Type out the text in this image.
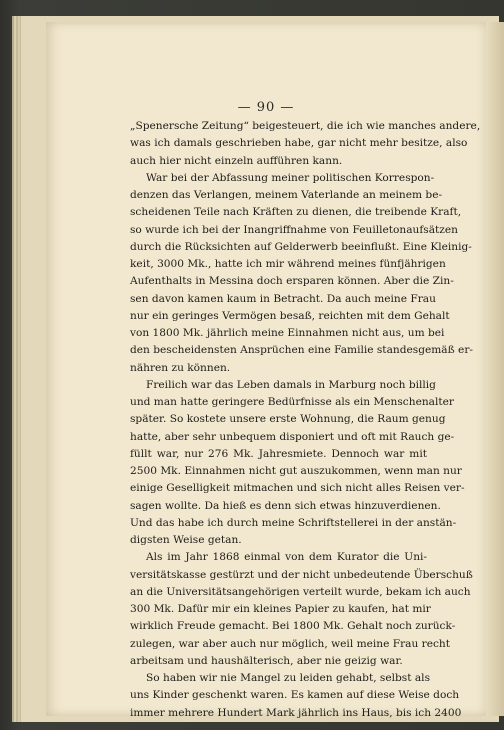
— 90 —
„Spenersche Zeitung“ beigesteuert, die ich wie manches andere,
was ich damals geschrieben habe, gar nicht mehr besitze, also
auch hier nicht einzeln aufführen kann.
War bei der Abfassung meiner politischen Korrespon-
denzen das Verlangen, meinem Vaterlande an meinem be-
scheidenen Teile nach Kräften zu dienen, die treibende Kraft,
so wurde ich bei der Inangriffnahme von Feuilletonaufsätzen
durch die Rücksichten auf Gelderwerb beeinflußt. Eine Kleinig-
keit, 3000 Mk., hatte ich mir während meines fünfjährigen
Aufenthalts in Messina doch ersparen können. Aber die Zin-
sen davon kamen kaum in Betracht. Da auch meine Frau
nur ein geringes Vermögen besaß, reichten mit dem Gehalt
von 1800 Mk. jährlich meine Einnahmen nicht aus, um bei
den bescheidensten Ansprüchen eine Familie standesgemäß er-
nähren zu können.
Freilich war das Leben damals in Marburg noch billig
und man hatte geringere Bedürfnisse als ein Menschenalter
später. So kostete unsere erste Wohnung, die Raum genug
hatte, aber sehr unbequem disponiert und oft mit Rauch ge-
füllt war, nur 276 Mk. Jahresmiete. Dennoch war mit
2500 Mk. Einnahmen nicht gut auszukommen, wenn man nur
einige Geselligkeit mitmachen und sich nicht alles Reisen ver-
sagen wollte. Da hieß es denn sich etwas hinzuverdienen.
Und das habe ich durch meine Schriftstellerei in der anstän-
digsten Weise getan.
Als im Jahr 1868 einmal von dem Kurator die Uni-
versitätskasse gestürzt und der nicht unbedeutende Überschuß
an die Universitätsangehörigen verteilt wurde, bekam ich auch
300 Mk. Dafür mir ein kleines Papier zu kaufen, hat mir
wirklich Freude gemacht. Bei 1800 Mk. Gehalt noch zurück-
zulegen, war aber auch nur möglich, weil meine Frau recht
arbeitsam und haushälterisch, aber nie geizig war.
So haben wir nie Mangel zu leiden gehabt, selbst als
uns Kinder geschenkt waren. Es kamen auf diese Weise doch
immer mehrere Hundert Mark jährlich ins Haus, bis ich 2400
